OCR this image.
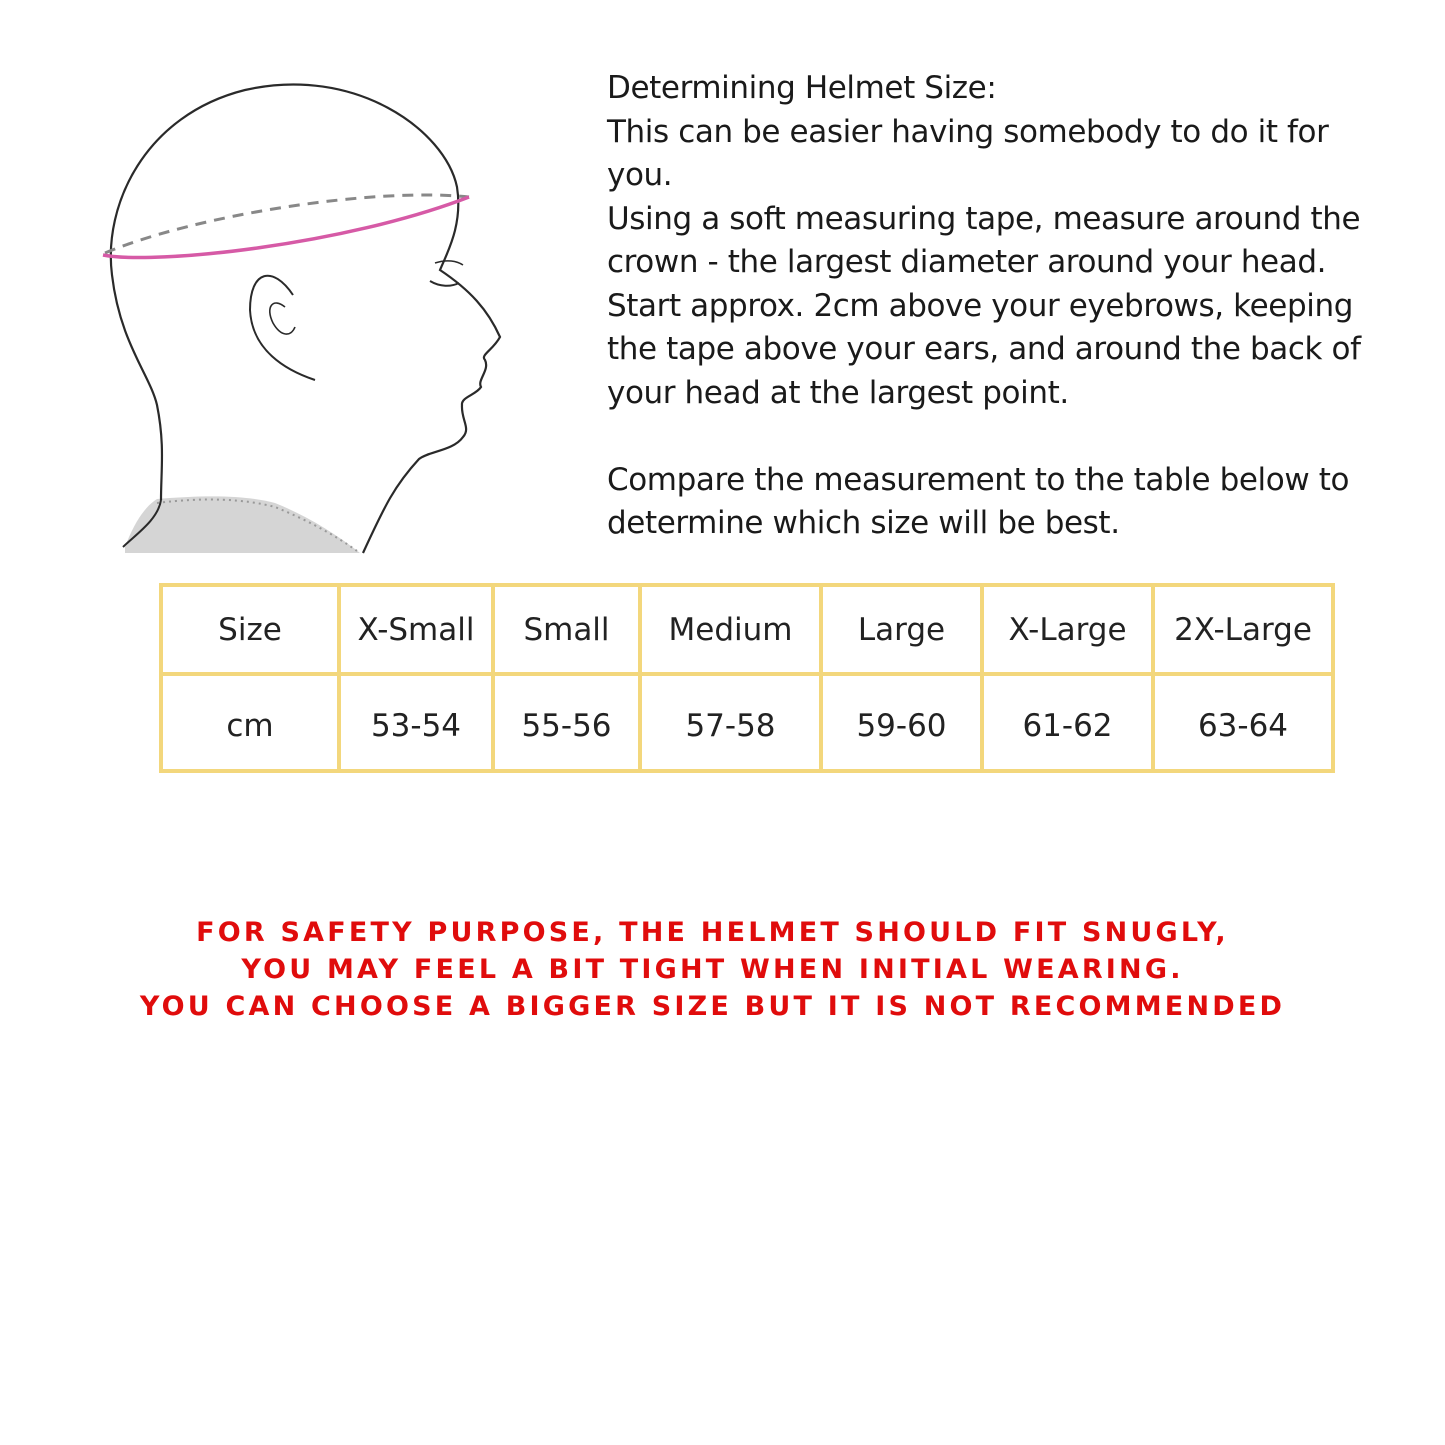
Determining Helmet Size:

This can be easier having somebody to do it for

you.

Using a soft measuring tape, measure around the

crown - the largest diameter around your head.

Start approx. 2cm above your eyebrows, keeping

the tape above your ears, and around the back of

your head at the largest point.

Compare the measurement to the table below to

determine which size will be best.

Size	X-Small	Small	Medium	Large	X-Large	2X-Large
cm	53-54	55-56	57-58	59-60	61-62	63-64
FOR SAFETY PURPOSE, THE HELMET SHOULD FIT SNUGLY,
YOU MAY FEEL A BIT TIGHT WHEN INITIAL WEARING.
YOU CAN CHOOSE A BIGGER SIZE BUT IT IS NOT RECOMMENDED
